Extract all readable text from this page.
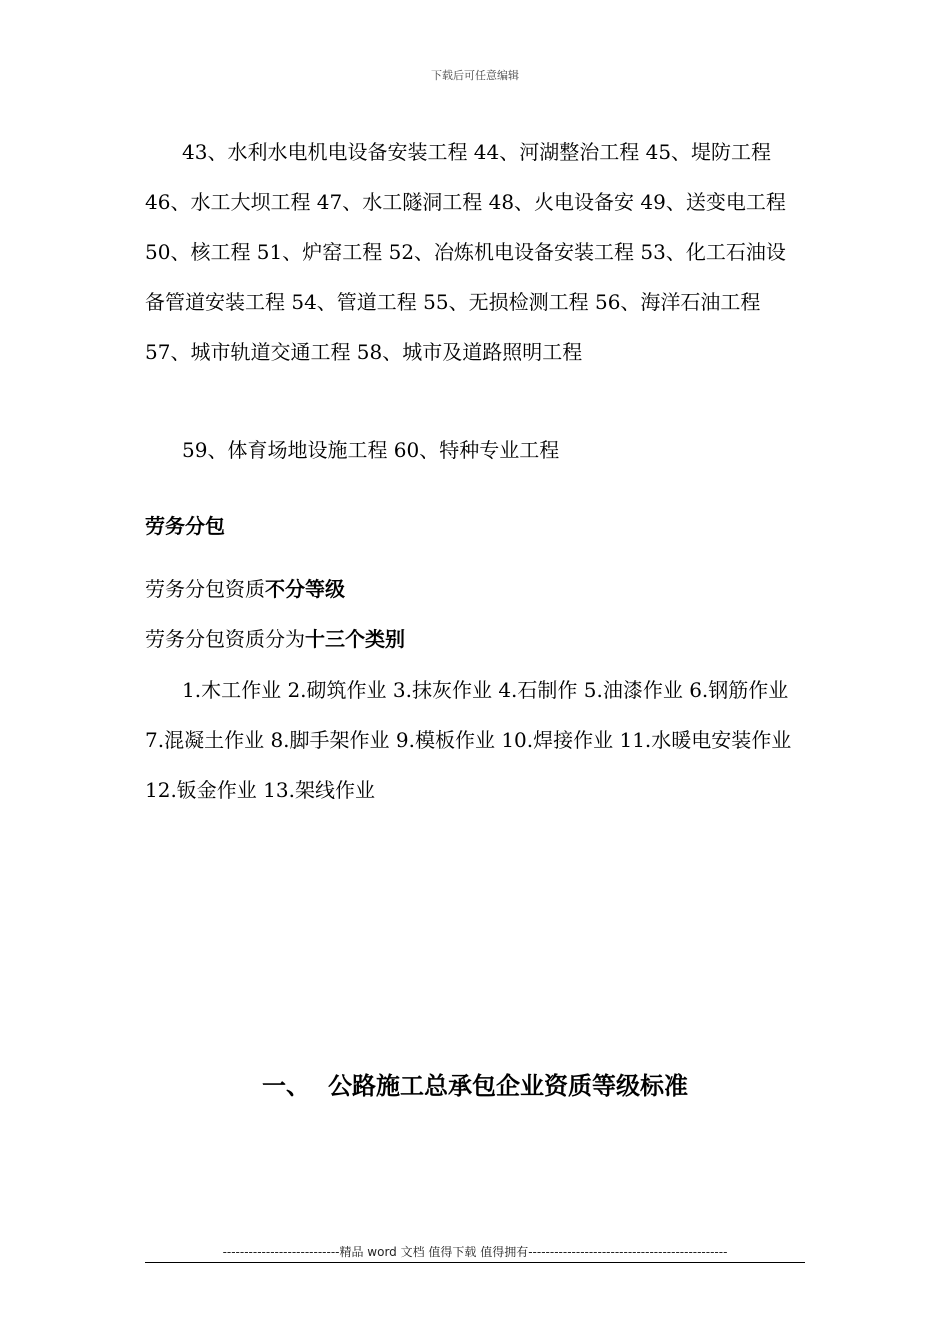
下载后可任意编辑

43、水利水电机电设备安装工程 44、河湖整治工程 45、堤防工程 46、水工大坝工程 47、水工隧洞工程 48、火电设备安 49、送变电工程 50、核工程 51、炉窑工程 52、冶炼机电设备安装工程 53、化工石油设备管道安装工程 54、管道工程 55、无损检测工程 56、海洋石油工程 57、城市轨道交通工程 58、城市及道路照明工程

59、体育场地设施工程 60、特种专业工程

劳务分包
劳务分包资质不分等级
劳务分包资质分为十三个类别

1.木工作业 2.砌筑作业 3.抹灰作业 4.石制作 5.油漆作业 6.钢筋作业 7.混凝土作业 8.脚手架作业 9.模板作业 10.焊接作业 11.水暖电安装作业 12.钣金作业 13.架线作业

一、 公路施工总承包企业资质等级标准
---------------------------精品 word 文档 值得下载 值得拥有----------------------------------------------
